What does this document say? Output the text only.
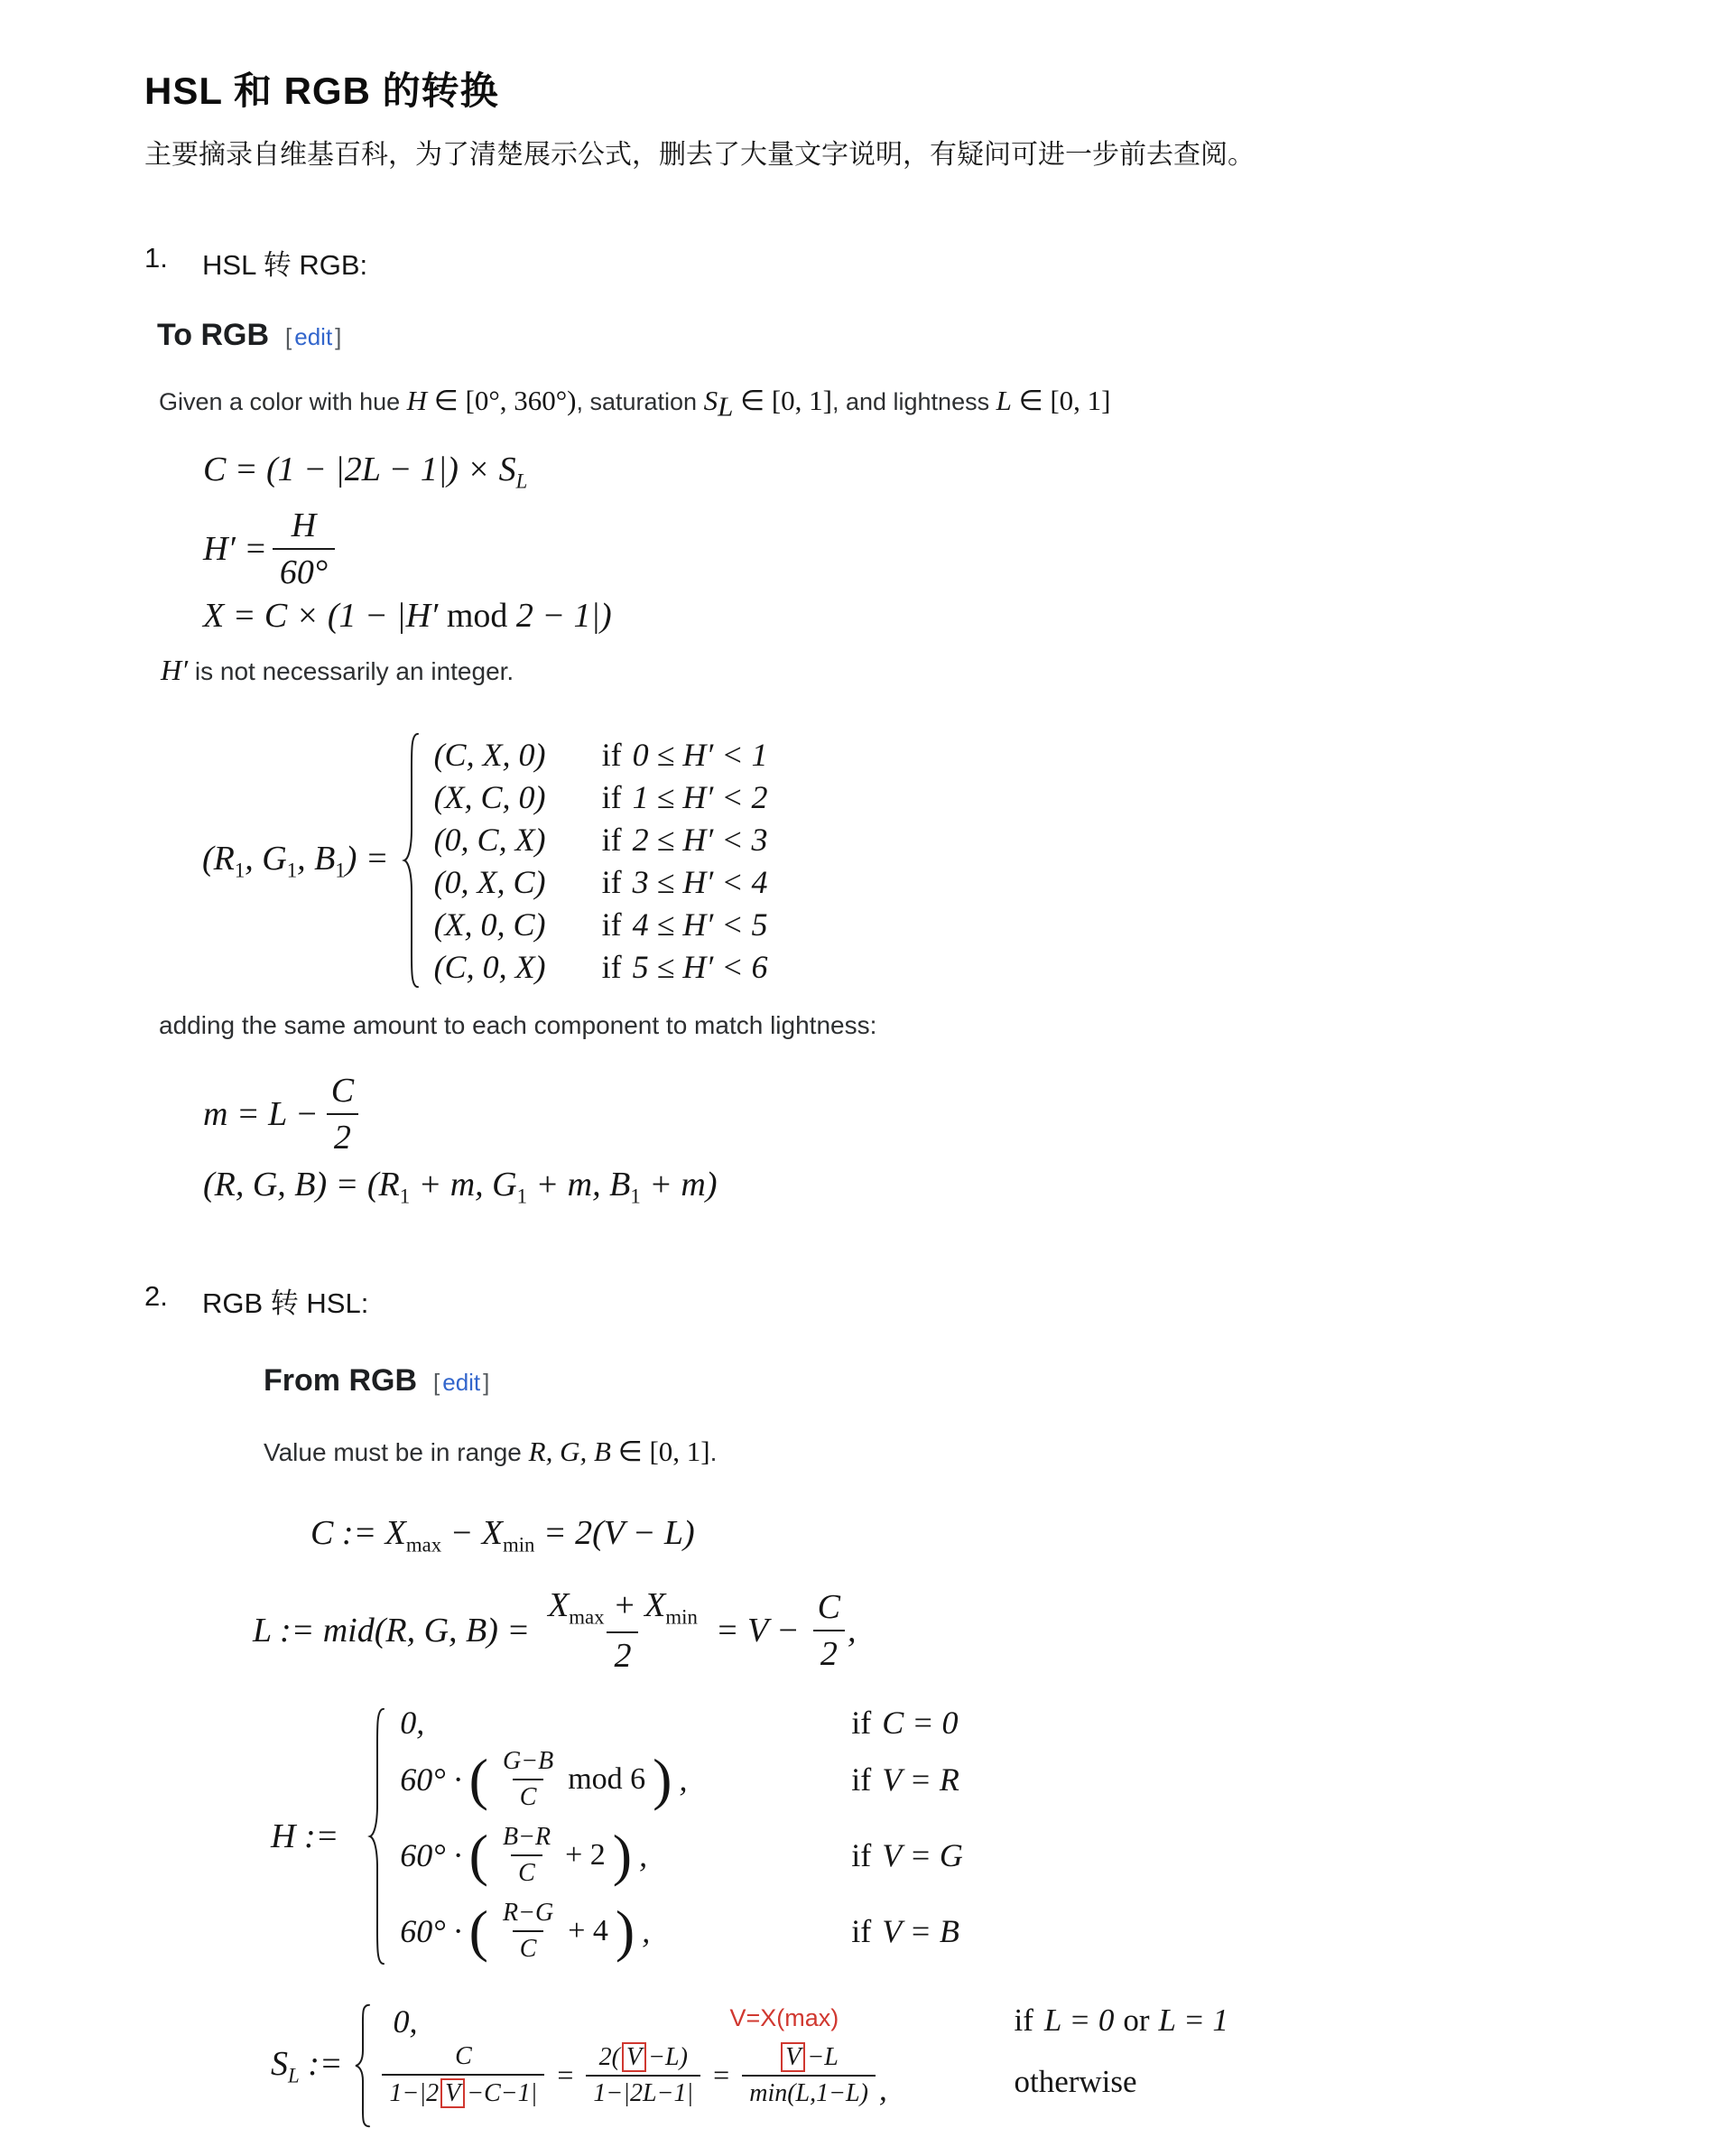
HSL 和 RGB 的转换

主要摘录自维基百科，为了清楚展示公式，删去了大量文字说明，有疑问可进一步前去查阅。

1.	HSL 转 RGB:
To RGB [ edit ]

Given a color with hue H ∈ [0°, 360°), saturation $S_L$ ∈ [0, 1], and lightness L ∈ [0, 1]

$C = (1 - |2L - 1|) \times S_L$
$H' = \frac{H}{60^\circ}$
X = C × (1 − |H′ mod 2 − 1|)
H′ is not necessarily an integer.
($R_1$, $G_1$, $B_1$) =
(C, X, 0)	if 0 ≤ H′ < 1
(X, C, 0)	if 1 ≤ H′ < 2
(0, C, X)	if 2 ≤ H′ < 3
(0, X, C)	if 3 ≤ H′ < 4
(X, 0, C)	if 4 ≤ H′ < 5
(C, 0, X)	if 5 ≤ H′ < 6

adding the same amount to each component to match lightness:

$m = L - \frac{C}{2}$
(R, G, $B) = (R_1 + m$, $G_1 + m$, $B_1 + m$)
2.	RGB 转 HSL:
From RGB [ edit ]

Value must be in range R, G, B ∈ [0, 1].

C := $X_{max} - X_{min} = 2(V - L)$
L := mid(R, G, $B) = \frac{X_{max} + X_{min}}{2} = V - \frac{C}{2}$ ,
H :=
0,	if C = 0
60° · ( $\frac{G-B}{C}$ mod 6 ) ,	if V = R
60° · ( $\frac{B-R}{C} + 2$ ) ,	if V = G
60° · ( $\frac{R-G}{C} + 4$ ) ,	if V = B
$S_L$ :=
0,	V=X(max)	if L = 0 or L = 1
$\frac{C}{1-|2 V -C-1|} = \frac{2( V -L)}{1-|2L-1|} = \frac{V -L}{\min(L,1-L)}$ ,	otherwise
